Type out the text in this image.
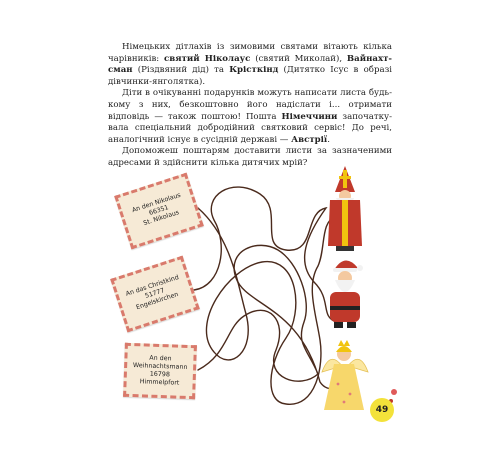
Німецьких дітлахів із зимовими святами вітають кілька чарівників: святий Ніколаус (святий Миколай), Вайнахт-сман (Різдвяний дід) та Крісткінд (Дитятко Ісус в образі дівчинки-янголятка).

Діти в очікуванні подарунків можуть написати листа будь-кому з них, безкоштовно його надіслати і... отримати відповідь — також поштою! Пошта Німеччини започатку-вала спеціальний добродійний святковий сервіс! До речі, аналогічний існує в сусідній державі — Австрії.

Допоможеш поштарям доставити листи за зазначеними адресами й здійснити кілька дитячих мрій?

An den Nikolaus
66351
St. Nikolaus
An das Christkind
51777
Engelskirchen
An den
Weihnachtsmann
16798
Himmelpfort
49
